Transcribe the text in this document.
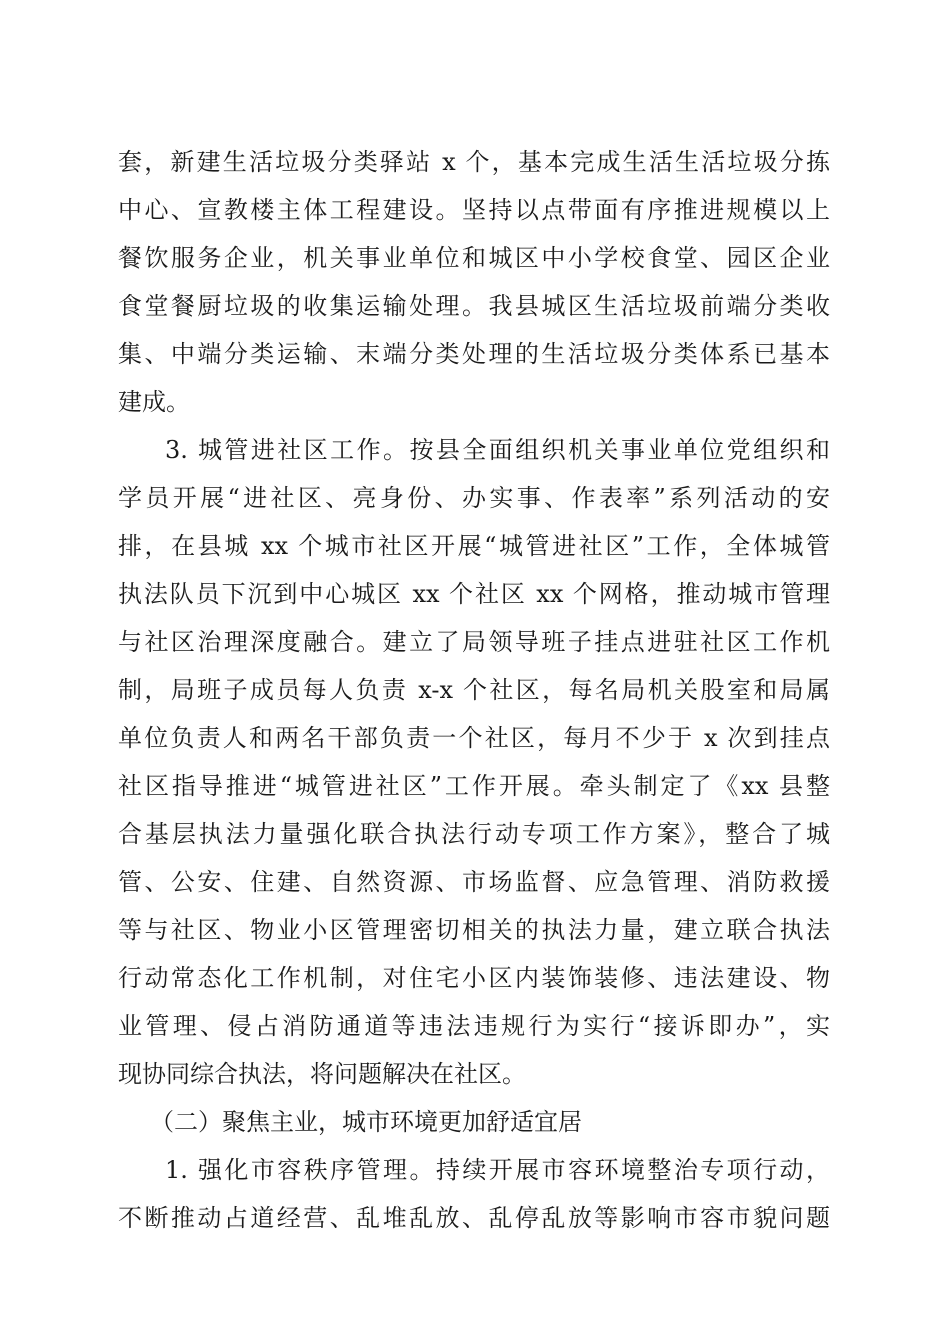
套，新建生活垃圾分类驿站 x 个，基本完成生活生活垃圾分拣
中心、宣教楼主体工程建设。坚持以点带面有序推进规模以上
餐饮服务企业，机关事业单位和城区中小学校食堂、园区企业
食堂餐厨垃圾的收集运输处理。我县城区生活垃圾前端分类收
集、中端分类运输、末端分类处理的生活垃圾分类体系已基本
建成。
3. 城管进社区工作。按县全面组织机关事业单位党组织和
学员开展“进社区、亮身份、办实事、作表率”系列活动的安
排，在县城 xx 个城市社区开展“城管进社区”工作，全体城管
执法队员下沉到中心城区 xx 个社区 xx 个网格，推动城市管理
与社区治理深度融合。建立了局领导班子挂点进驻社区工作机
制，局班子成员每人负责 x-x 个社区，每名局机关股室和局属
单位负责人和两名干部负责一个社区，每月不少于 x 次到挂点
社区指导推进“城管进社区”工作开展。牵头制定了《xx 县整
合基层执法力量强化联合执法行动专项工作方案》，整合了城
管、公安、住建、自然资源、市场监督、应急管理、消防救援
等与社区、物业小区管理密切相关的执法力量，建立联合执法
行动常态化工作机制，对住宅小区内装饰装修、违法建设、物
业管理、侵占消防通道等违法违规行为实行“接诉即办”，实
现协同综合执法，将问题解决在社区。
（二）聚焦主业，城市环境更加舒适宜居
1. 强化市容秩序管理。持续开展市容环境整治专项行动，
不断推动占道经营、乱堆乱放、乱停乱放等影响市容市貌问题
